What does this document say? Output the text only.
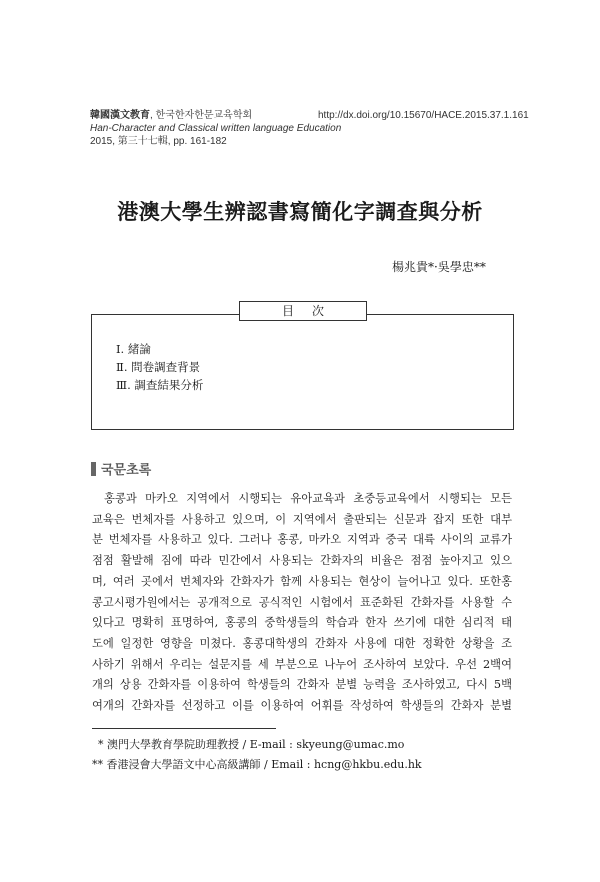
韓國漢文教育, 한국한자한문교육학회
Han-Character and Classical written language Education
2015, 第三十七輯, pp. 161-182
http://dx.doi.org/10.15670/HACE.2015.37.1.161
港澳大學生辨認書寫簡化字調查與分析
楊兆貴*·吳學忠**
目次
Ⅰ. 緒論
Ⅱ. 問卷調查背景
Ⅲ. 調查結果分析
국문초록
홍콩과 마카오 지역에서 시행되는 유아교육과 초중등교육에서 시행되는 모든
교육은 번체자를 사용하고 있으며, 이 지역에서 출판되는 신문과 잡지 또한 대부
분 번체자를 사용하고 있다. 그러나 홍콩, 마카오 지역과 중국 대륙 사이의 교류가
점점 활발해 짐에 따라 민간에서 사용되는 간화자의 비율은 점점 높아지고 있으
며, 여러 곳에서 번체자와 간화자가 함께 사용되는 현상이 늘어나고 있다. 또한홍
콩고시평가원에서는 공개적으로 공식적인 시험에서 표준화된 간화자를 사용할 수
있다고 명확히 표명하여, 홍콩의 중학생들의 학습과 한자 쓰기에 대한 심리적 태
도에 일정한 영향을 미쳤다. 홍콩대학생의 간화자 사용에 대한 정확한 상황을 조
사하기 위해서 우리는 설문지를 세 부분으로 나누어 조사하여 보았다. 우선 2백여
개의 상용 간화자를 이용하여 학생들의 간화자 분별 능력을 조사하였고, 다시 5백
여개의 간화자를 선정하고 이를 이용하여 어휘를 작성하여 학생들의 간화자 분별
* 澳門大學教育學院助理教授 / E-mail : skyeung@umac.mo
** 香港浸會大學語文中心高級講師 / Email : hcng@hkbu.edu.hk
